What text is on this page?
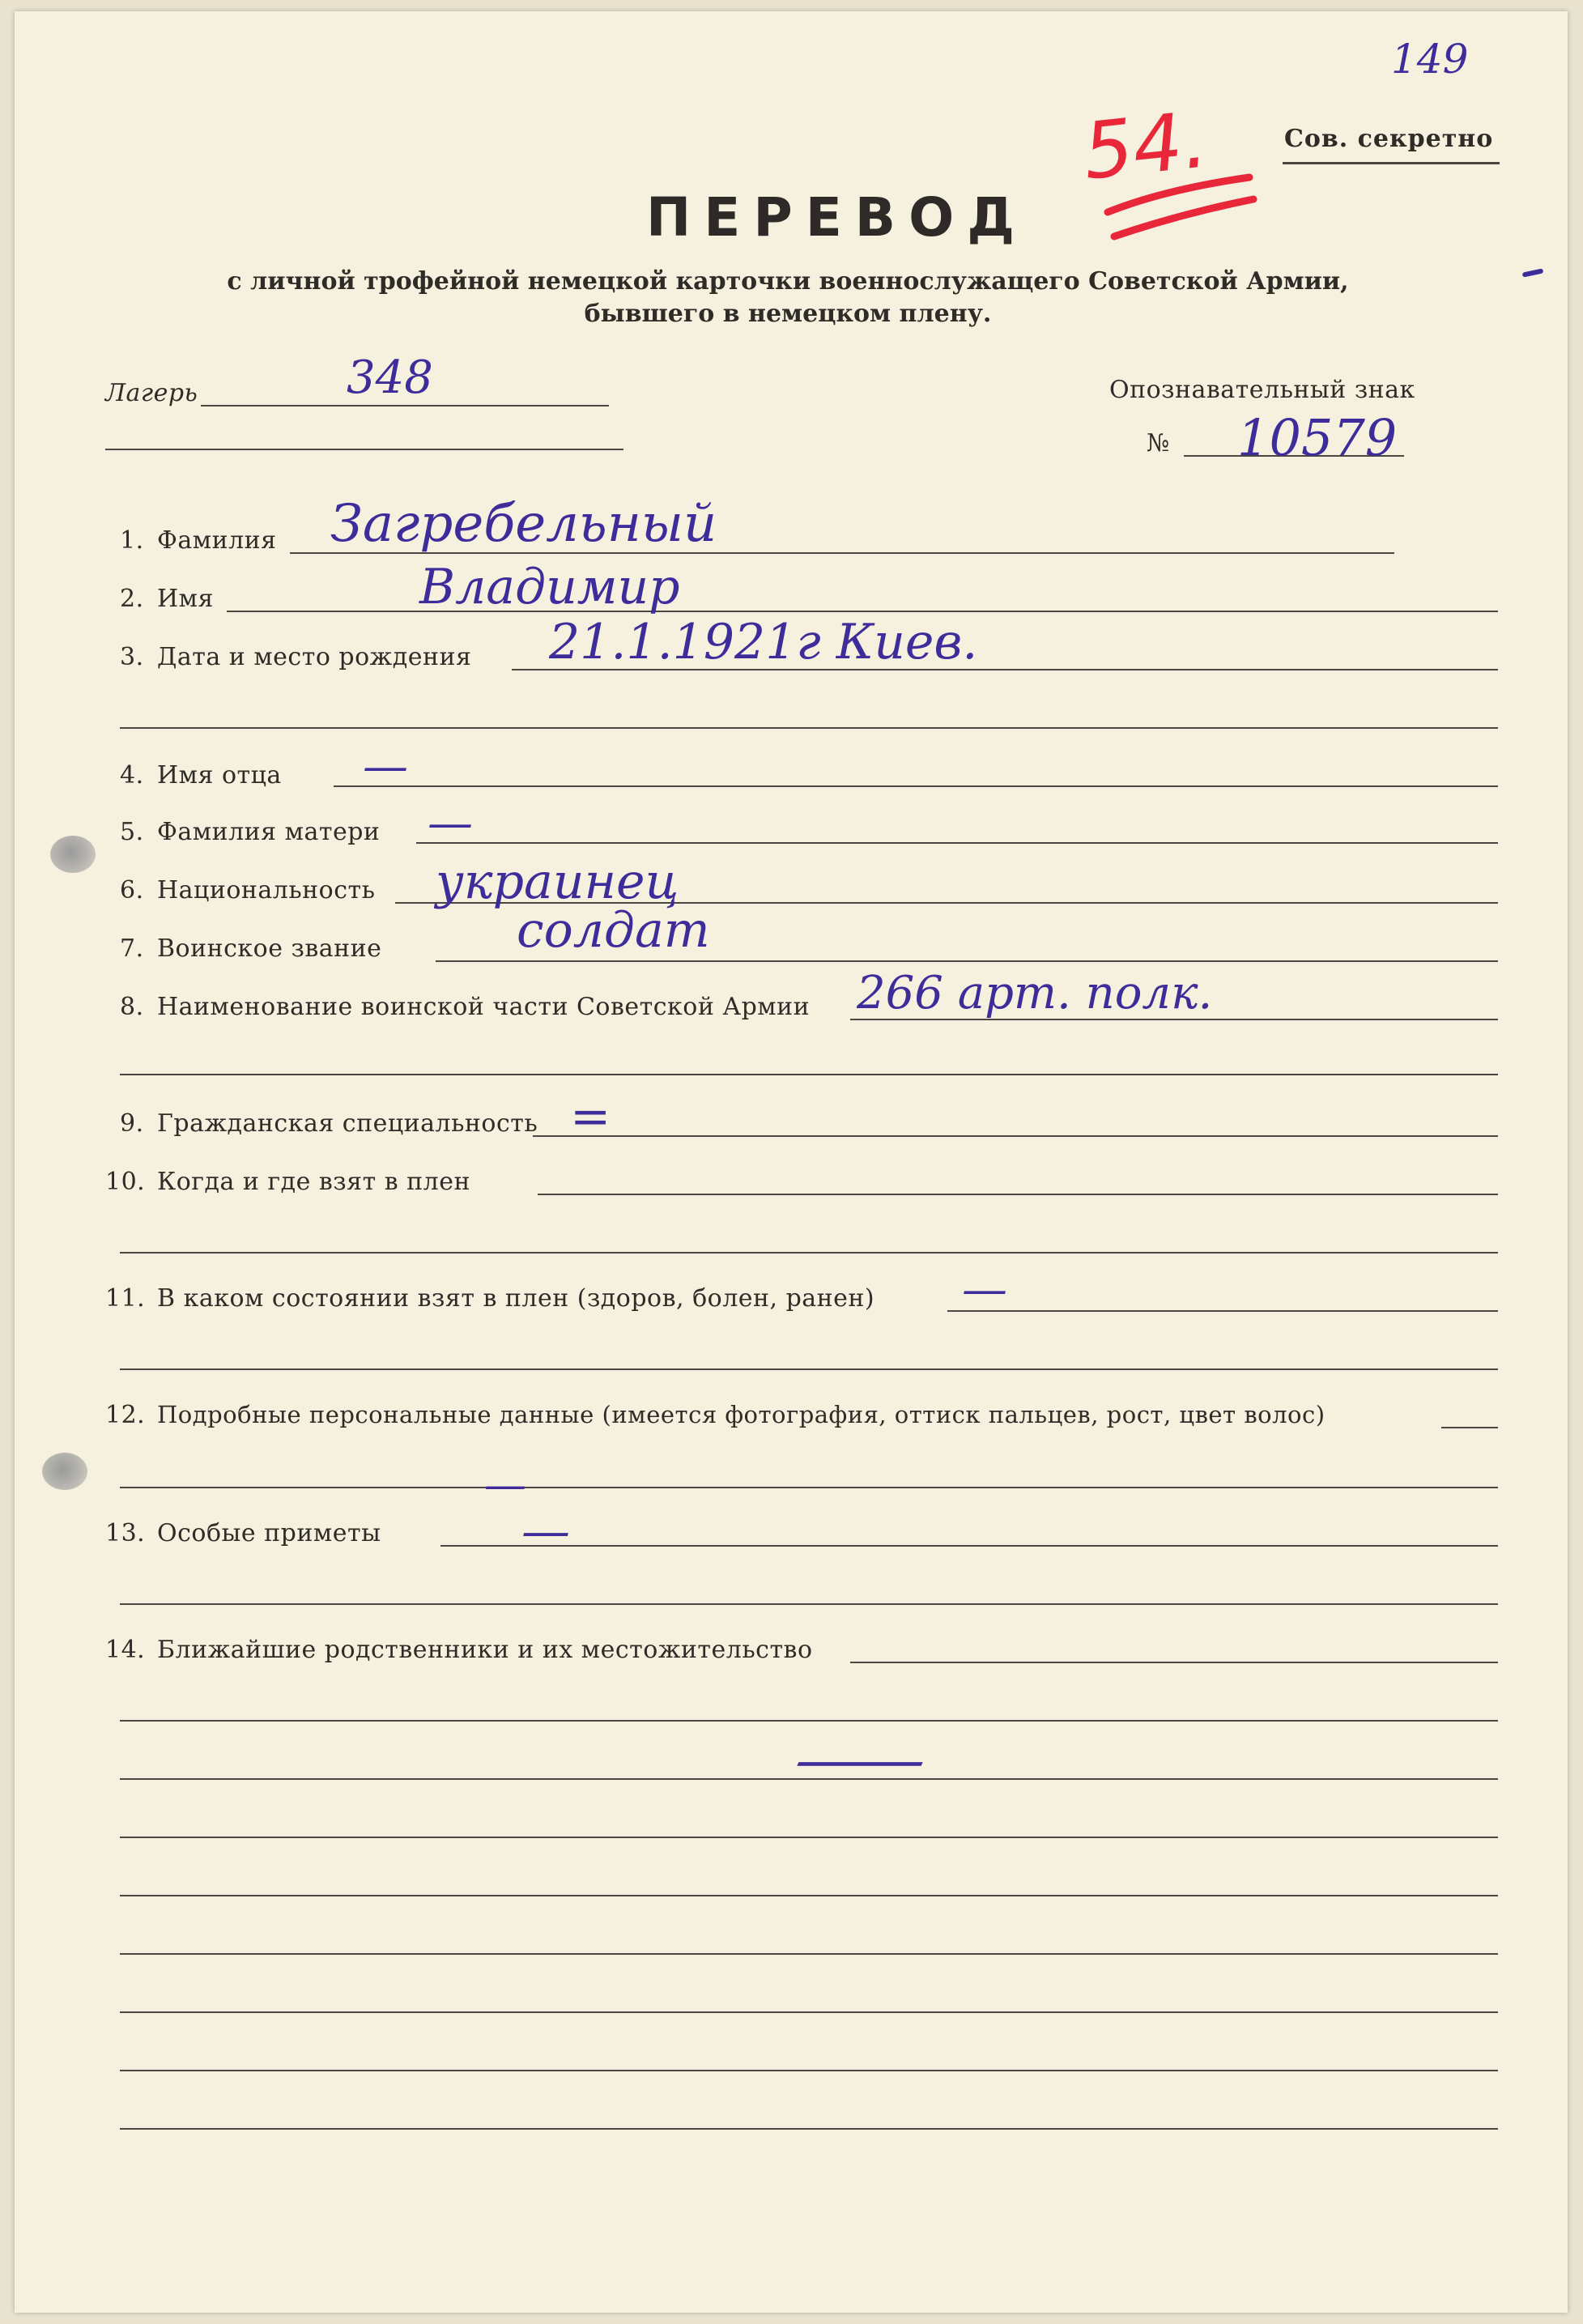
149
54.	Сов. секретно
ПЕРЕВОД
с личной трофейной немецкой карточки военнослужащего Советской Армии,
бывшего в немецком плену.
Лагерь	348	Опознавательный знак
№ 10579
1. Фамилия Загребельный
2. Имя	Владимир
3. Дата и место рождения 21.1.1921г Киев.
4. Имя отца —
5. Фамилия матери —
6. Национальность украинец
7. Воинское звание	солдат
8. Наименование воинской части Советской Армии 266 арт. полк.
9. Гражданская специальность =
10. Когда и где взят в плен
11. В каком состоянии взят в плен (здоров, болен, ранен) —
12. Подробные персональные данные (имеется фотография, оттиск пальцев, рост, цвет волос)
—
13. Особые приметы	—
14. Ближайшие родственники и их местожительство
—
